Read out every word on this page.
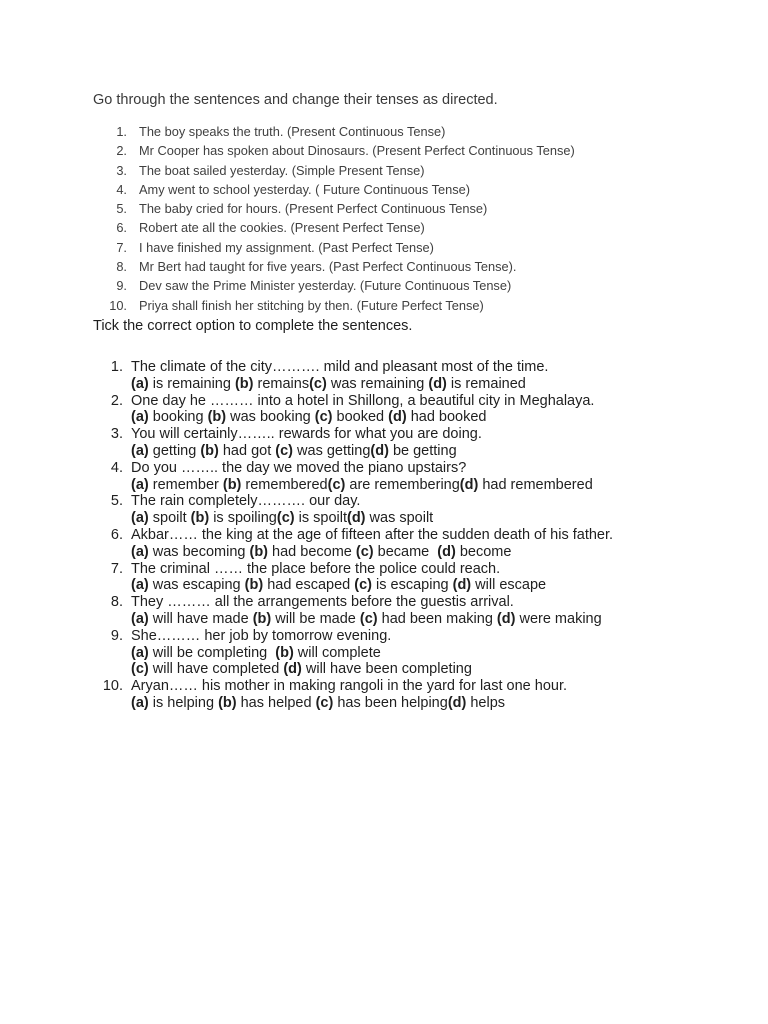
Go through the sentences and change their tenses as directed.
1. The boy speaks the truth. (Present Continuous Tense)
2. Mr Cooper has spoken about Dinosaurs. (Present Perfect Continuous Tense)
3. The boat sailed yesterday. (Simple Present Tense)
4. Amy went to school yesterday. ( Future Continuous Tense)
5. The baby cried for hours. (Present Perfect Continuous Tense)
6. Robert ate all the cookies. (Present Perfect Tense)
7. I have finished my assignment. (Past Perfect Tense)
8. Mr Bert had taught for five years. (Past Perfect Continuous Tense).
9. Dev saw the Prime Minister yesterday. (Future Continuous Tense)
10. Priya shall finish her stitching by then. (Future Perfect Tense)
Tick the correct option to complete the sentences.
1. The climate of the city………. mild and pleasant most of the time.
(a) is remaining (b) remains(c) was remaining (d) is remained
2. One day he ……… into a hotel in Shillong, a beautiful city in Meghalaya.
(a) booking (b) was booking (c) booked (d) had booked
3. You will certainly…….. rewards for what you are doing.
(a) getting (b) had got (c) was getting(d) be getting
4. Do you …….. the day we moved the piano upstairs?
(a) remember (b) remembered(c) are remembering(d) had remembered
5. The rain completely………. our day.
(a) spoilt (b) is spoiling(c) is spoilt(d) was spoilt
6. Akbar…… the king at the age of fifteen after the sudden death of his father.
(a) was becoming (b) had become (c) became  (d) become
7. The criminal …… the place before the police could reach.
(a) was escaping (b) had escaped (c) is escaping (d) will escape
8. They ……… all the arrangements before the guestis arrival.
(a) will have made (b) will be made (c) had been making (d) were making
9. She……… her job by tomorrow evening.
(a) will be completing  (b) will complete
(c) will have completed (d) will have been completing
10. Aryan…… his mother in making rangoli in the yard for last one hour.
(a) is helping (b) has helped (c) has been helping(d) helps
